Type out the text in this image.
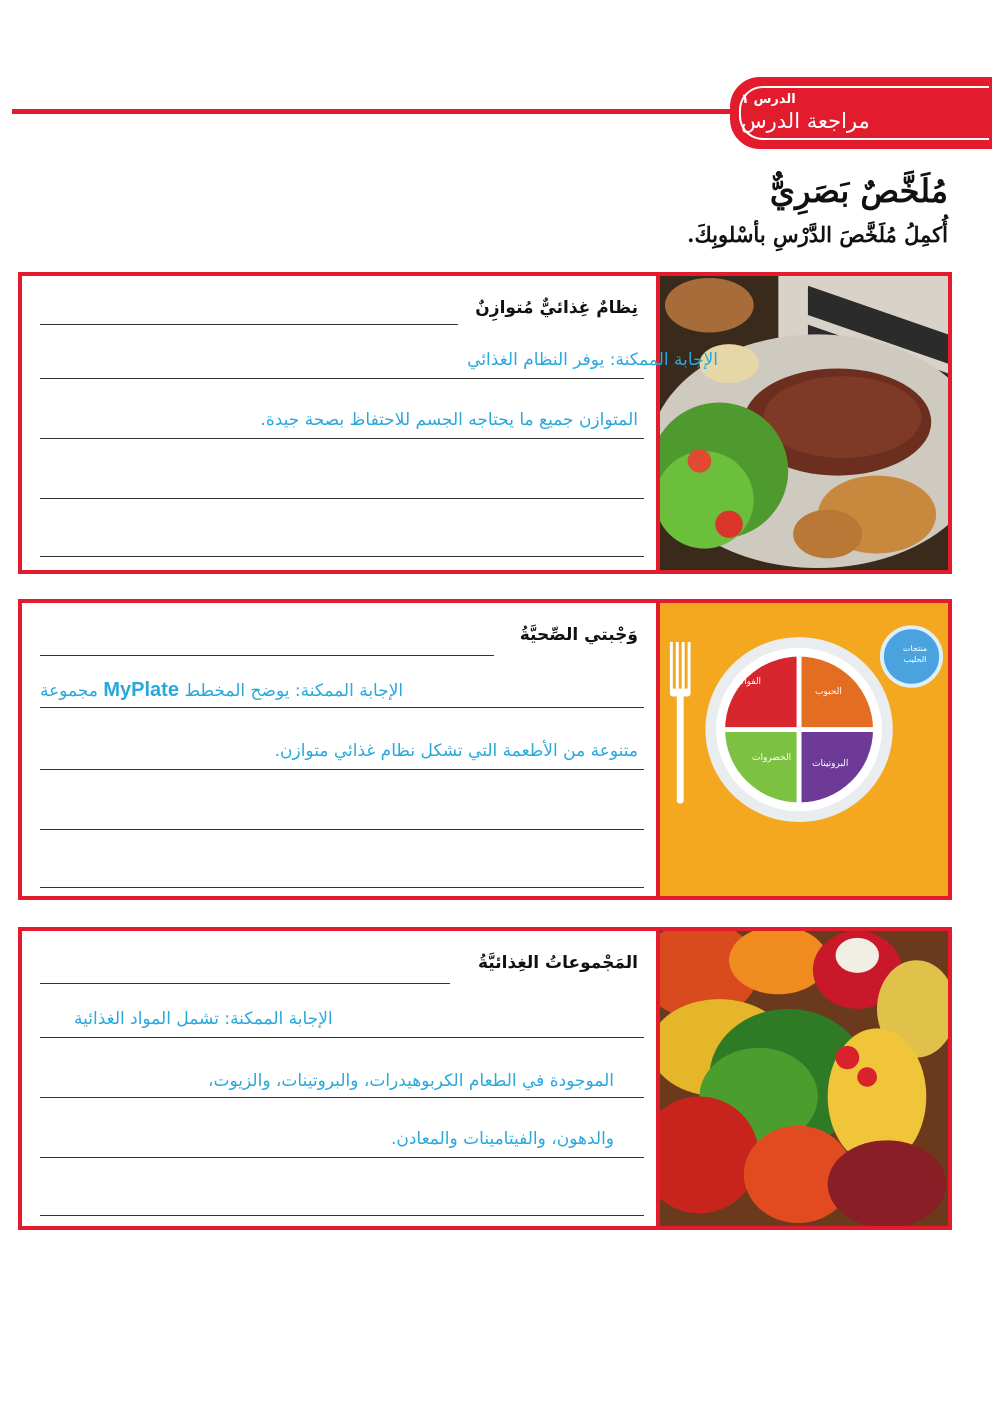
الدرس ١
مراجعة الدرس
مُلَخَّصٌ بَصَرِيٌّ
أُكمِلُ مُلَخَّصَ الدَّرْسِ بأسْلوبِكَ.
نِظامٌ غِذائيٌّ مُتوازِنٌ
الإجابة الممكنة: يوفر النظام الغذائي
المتوازن جميع ما يحتاجه الجسم للاحتفاظ بصحة جيدة.
الحبوب
الفواكه
الخضروات
البروتينات
منتجات الحليب
وَجْبتي الصِّحيَّةُ
الإجابة الممكنة: يوضح المخطط MyPlate مجموعة
متنوعة من الأطعمة التي تشكل نظام غذائي متوازن.
المَجْموعاتُ الغِذائيَّةُ
الإجابة الممكنة: تشمل المواد الغذائية
الموجودة في الطعام الكربوهيدرات، والبروتينات، والزيوت،
والدهون، والفيتامينات والمعادن.
